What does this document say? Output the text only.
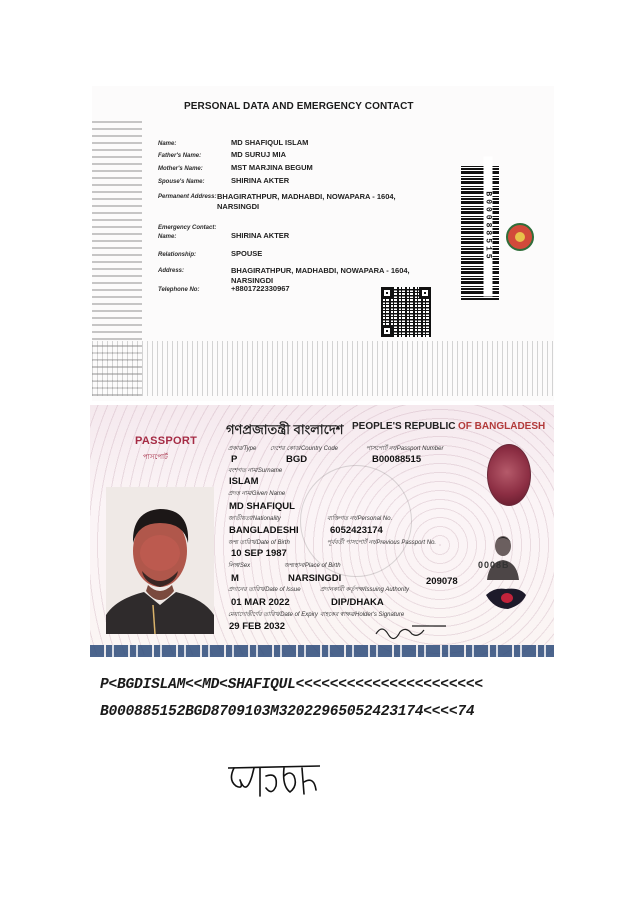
PERSONAL DATA AND EMERGENCY CONTACT
Name:	MD SHAFIQUL ISLAM
Father's Name:	MD SURUJ MIA
Mother's Name:	MST MARJINA BEGUM
Spouse's Name:	SHIRINA AKTER
Permanent Address: BHAGIRATHPUR, MADHABDI, NOWAPARA - 1604, NARSINGDI
Emergency Contact:
Name:	SHIRINA AKTER
Relationship:	SPOUSE
Address:	BHAGIRATHPUR, MADHABDI, NOWAPARA - 1604, NARSINGDI
Telephone No:	+8801722330967
B00088515
PASSPORT
পাসপোর্ট
গণপ্রজাতন্ত্রী বাংলাদেশ PEOPLE'S REPUBLIC OF BANGLADESH
প্রকার/Type দেশের কোড/Country Code	পাসপোর্ট নং/Passport Number
P	BGD	B00088515
বংশগত নাম/Surname
ISLAM
প্রদত্ত নাম/Given Name
MD SHAFIQUL
জাতীয়তা/Nationality	ব্যক্তিগত নং/Personal No.
BANGLADESHI	6052423174
জন্ম তারিখ/Date of Birth	পূর্ববর্তী পাসপোর্ট নং/Previous Passport No.
10 SEP 1987
লিঙ্গ/Sex	জন্মস্থান/Place of Birth
M	NARSINGDI	209078
প্রদানের তারিখ/Date of Issue	প্রদানকারী কর্তৃপক্ষ/Issuing Authority
01 MAR 2022	DIP/DHAKA
মেয়াদোত্তীর্ণের তারিখ/Date of Expiry বাহকের স্বাক্ষর/Holder's Signature
29 FEB 2032
0008B
P<BGDISLAM<<MD<SHAFIQUL<<<<<<<<<<<<<<<<<<<<<<
B000885152BGD8709103M32022965052423174<<<<74
